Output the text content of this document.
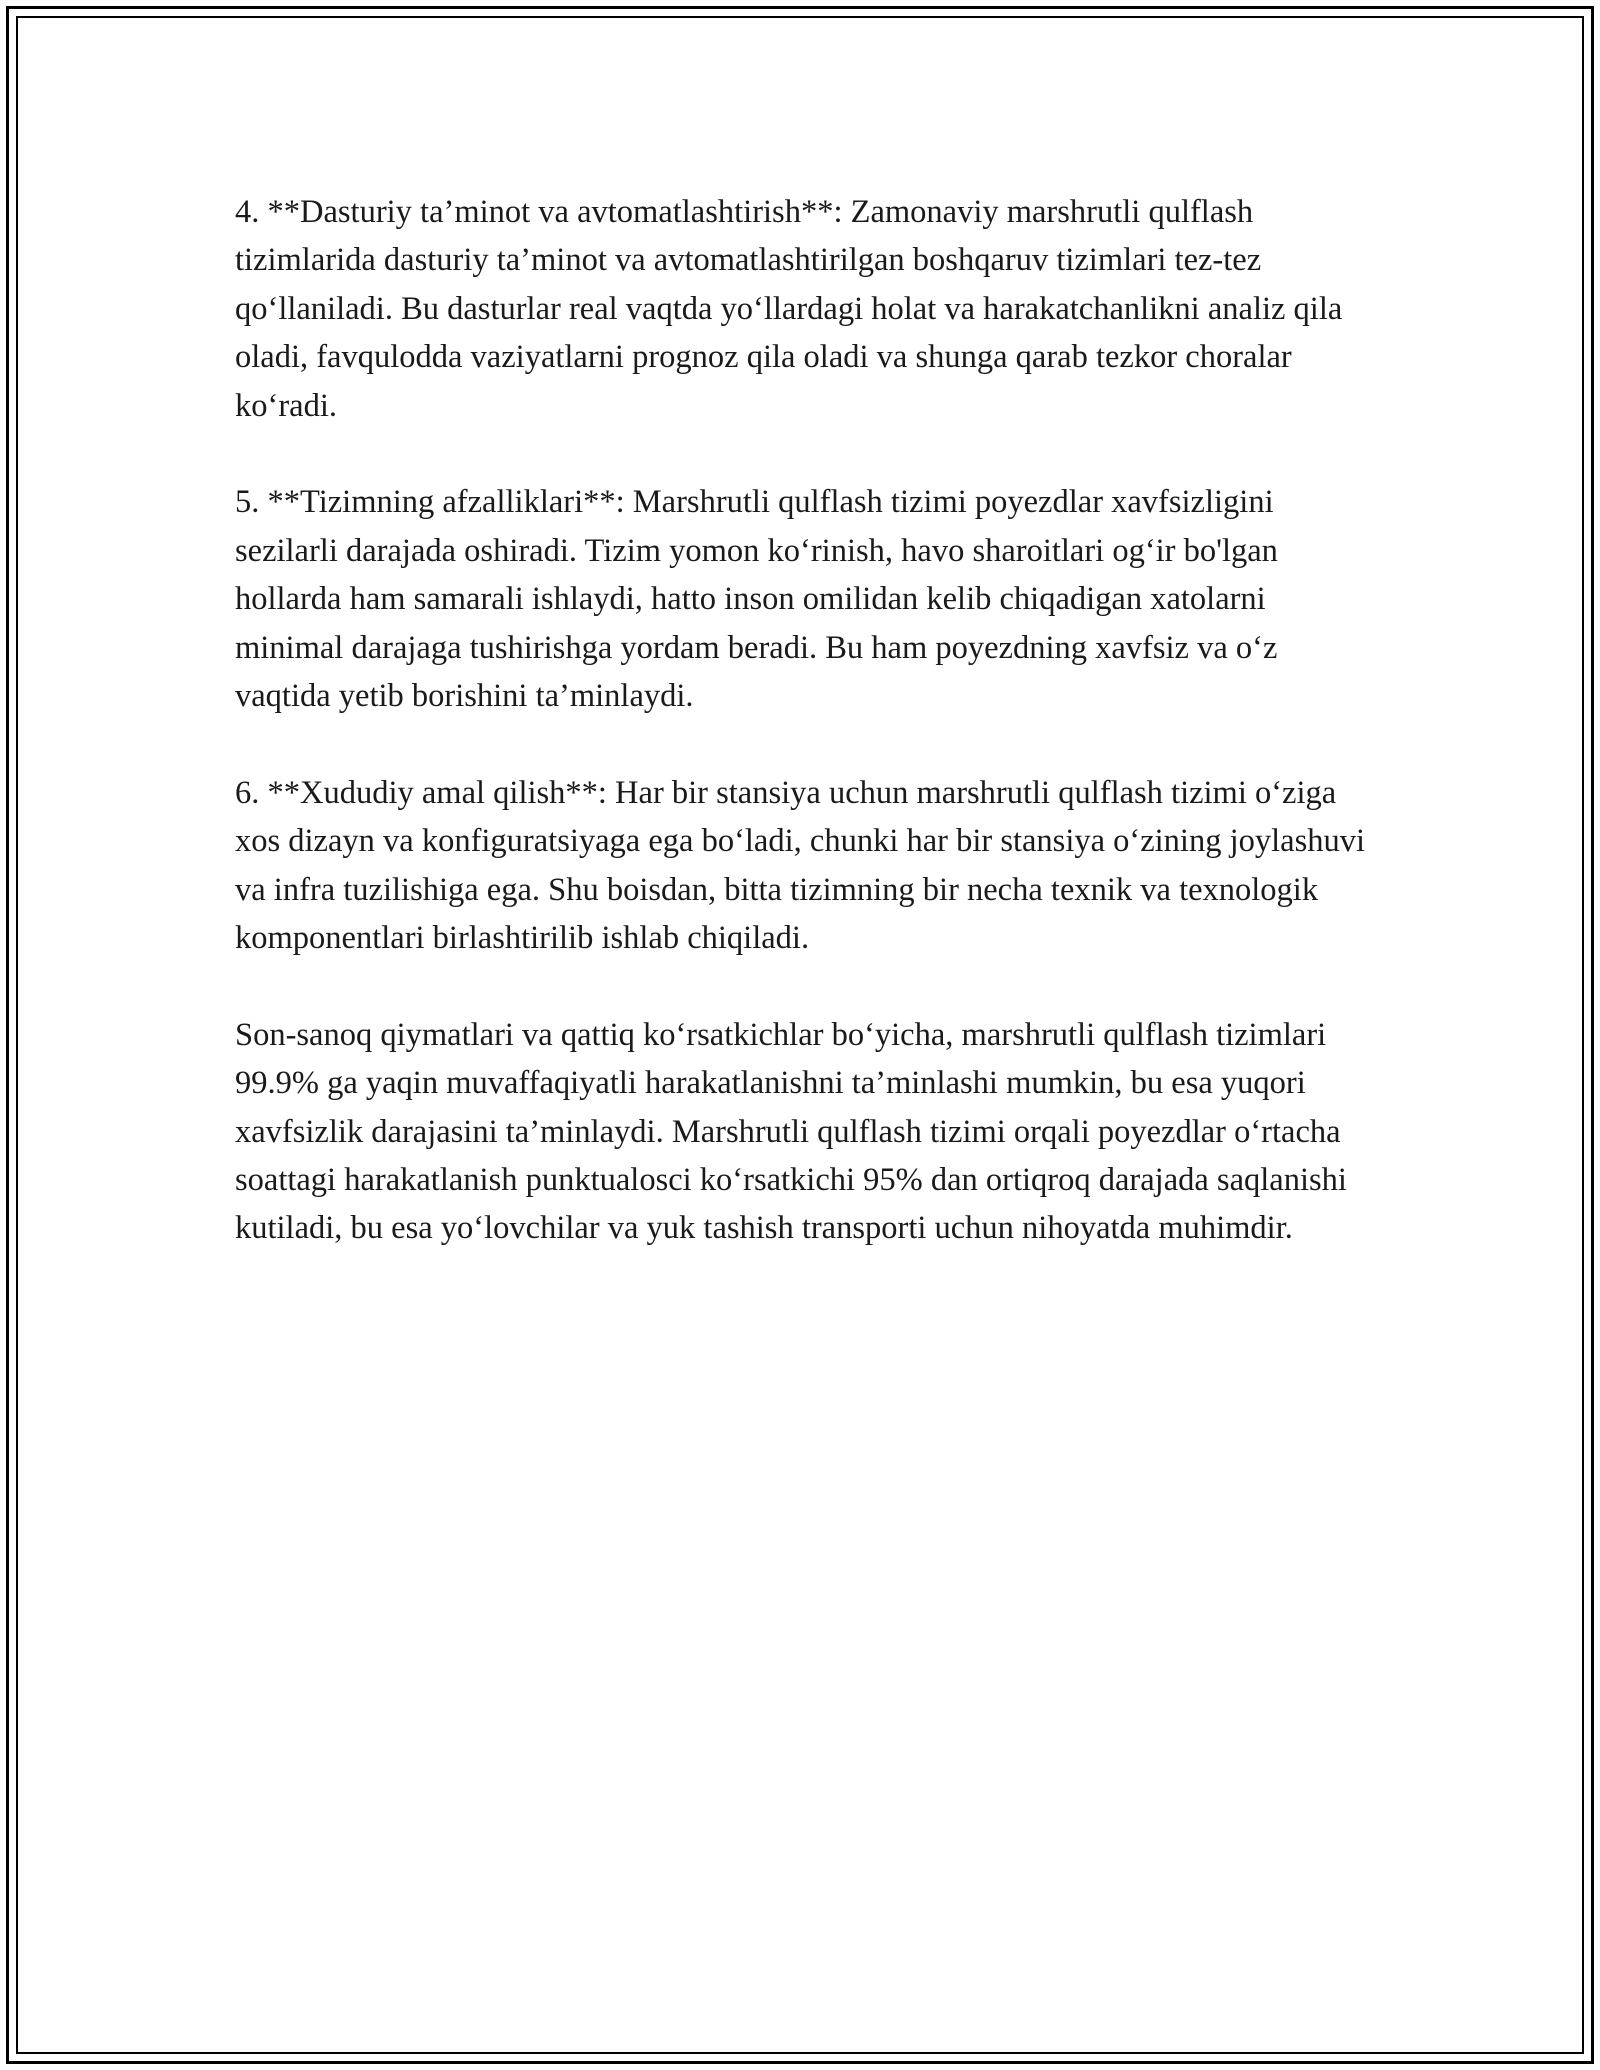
4. **Dasturiy ta’minot va avtomatlashtirish**: Zamonaviy marshrutli qulflash tizimlarida dasturiy ta’minot va avtomatlashtirilgan boshqaruv tizimlari tez-tez qo‘llaniladi. Bu dasturlar real vaqtda yo‘llardagi holat va harakatchanlikni analiz qila oladi, favqulodda vaziyatlarni prognoz qila oladi va shunga qarab tezkor choralar ko‘radi.

5. **Tizimning afzalliklari**: Marshrutli qulflash tizimi poyezdlar xavfsizligini sezilarli darajada oshiradi. Tizim yomon ko‘rinish, havo sharoitlari og‘ir bo'lgan hollarda ham samarali ishlaydi, hatto inson omilidan kelib chiqadigan xatolarni minimal darajaga tushirishga yordam beradi. Bu ham poyezdning xavfsiz va o‘z vaqtida yetib borishini ta’minlaydi.

6. **Xududiy amal qilish**: Har bir stansiya uchun marshrutli qulflash tizimi o‘ziga xos dizayn va konfiguratsiyaga ega bo‘ladi, chunki har bir stansiya o‘zining joylashuvi va infra tuzilishiga ega. Shu boisdan, bitta tizimning bir necha texnik va texnologik komponentlari birlashtirilib ishlab chiqiladi.

Son-sanoq qiymatlari va qattiq ko‘rsatkichlar bo‘yicha, marshrutli qulflash tizimlari 99.9% ga yaqin muvaffaqiyatli harakatlanishni ta’minlashi mumkin, bu esa yuqori xavfsizlik darajasini ta’minlaydi. Marshrutli qulflash tizimi orqali poyezdlar o‘rtacha soattagi harakatlanish punktualosci ko‘rsatkichi 95% dan ortiqroq darajada saqlanishi kutiladi, bu esa yo‘lovchilar va yuk tashish transporti uchun nihoyatda muhimdir.
